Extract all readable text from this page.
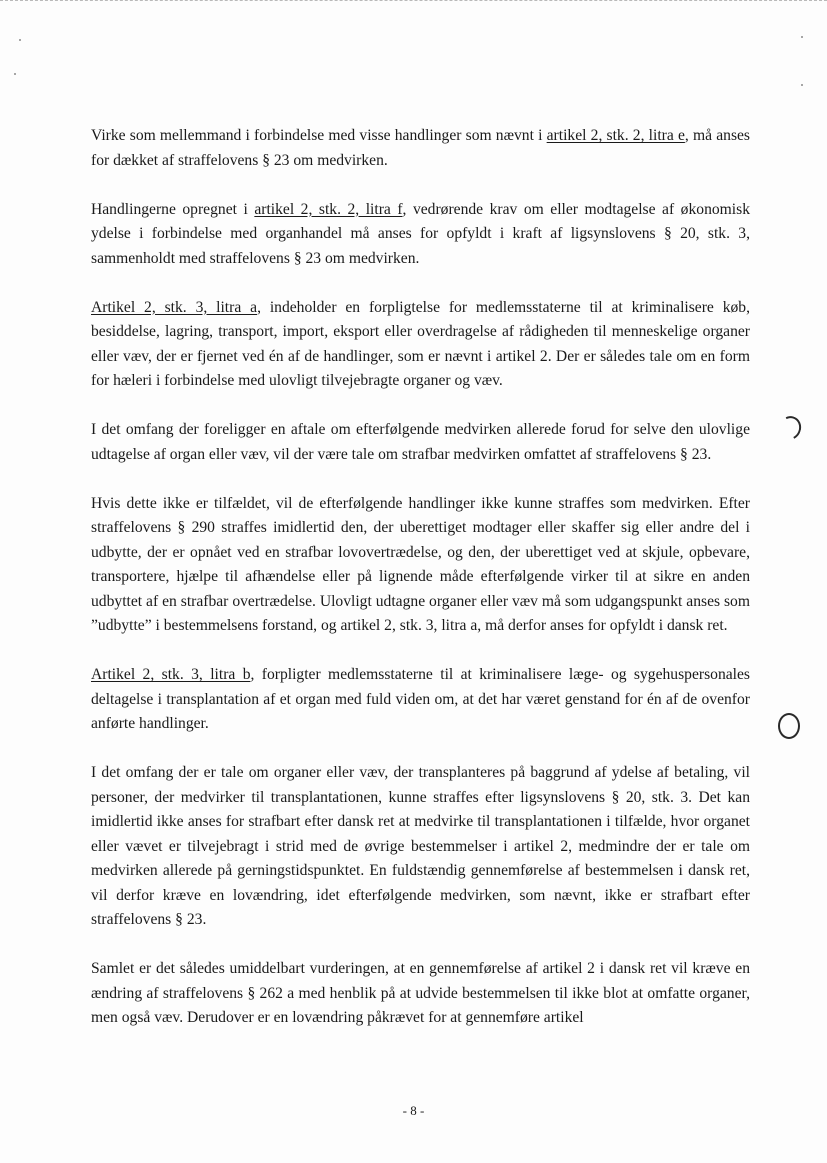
Virke som mellemmand i forbindelse med visse handlinger som nævnt i artikel 2, stk. 2, litra e, må anses for dækket af straffelovens § 23 om medvirken.

Handlingerne opregnet i artikel 2, stk. 2, litra f, vedrørende krav om eller modtagelse af økonomisk ydelse i forbindelse med organhandel må anses for opfyldt i kraft af ligsynslovens § 20, stk. 3, sammenholdt med straffelovens § 23 om medvirken.

Artikel 2, stk. 3, litra a, indeholder en forpligtelse for medlemsstaterne til at kriminalisere køb, besiddelse, lagring, transport, import, eksport eller overdragelse af rådigheden til menneskelige organer eller væv, der er fjernet ved én af de handlinger, som er nævnt i artikel 2. Der er således tale om en form for hæleri i forbindelse med ulovligt tilvejebragte organer og væv.

I det omfang der foreligger en aftale om efterfølgende medvirken allerede forud for selve den ulovlige udtagelse af organ eller væv, vil der være tale om strafbar medvirken omfattet af straffelovens § 23.

Hvis dette ikke er tilfældet, vil de efterfølgende handlinger ikke kunne straffes som medvirken. Efter straffelovens § 290 straffes imidlertid den, der uberettiget modtager eller skaffer sig eller andre del i udbytte, der er opnået ved en strafbar lovovertrædelse, og den, der uberettiget ved at skjule, opbevare, transportere, hjælpe til afhændelse eller på lignende måde efterfølgende virker til at sikre en anden udbyttet af en strafbar overtrædelse. Ulovligt udtagne organer eller væv må som udgangspunkt anses som ”udbytte” i bestemmelsens forstand, og artikel 2, stk. 3, litra a, må derfor anses for opfyldt i dansk ret.

Artikel 2, stk. 3, litra b, forpligter medlemsstaterne til at kriminalisere læge- og sygehuspersonales deltagelse i transplantation af et organ med fuld viden om, at det har været genstand for én af de ovenfor anførte handlinger.

I det omfang der er tale om organer eller væv, der transplanteres på baggrund af ydelse af betaling, vil personer, der medvirker til transplantationen, kunne straffes efter ligsynslovens § 20, stk. 3. Det kan imidlertid ikke anses for strafbart efter dansk ret at medvirke til transplantationen i tilfælde, hvor organet eller vævet er tilvejebragt i strid med de øvrige bestemmelser i artikel 2, medmindre der er tale om medvirken allerede på gerningstidspunktet. En fuldstændig gennemførelse af bestemmelsen i dansk ret, vil derfor kræve en lovændring, idet efterfølgende medvirken, som nævnt, ikke er strafbart efter straffelovens § 23.

Samlet er det således umiddelbart vurderingen, at en gennemførelse af artikel 2 i dansk ret vil kræve en ændring af straffelovens § 262 a med henblik på at udvide bestemmelsen til ikke blot at omfatte organer, men også væv. Derudover er en lovændring påkrævet for at gennemføre artikel

- 8 -
